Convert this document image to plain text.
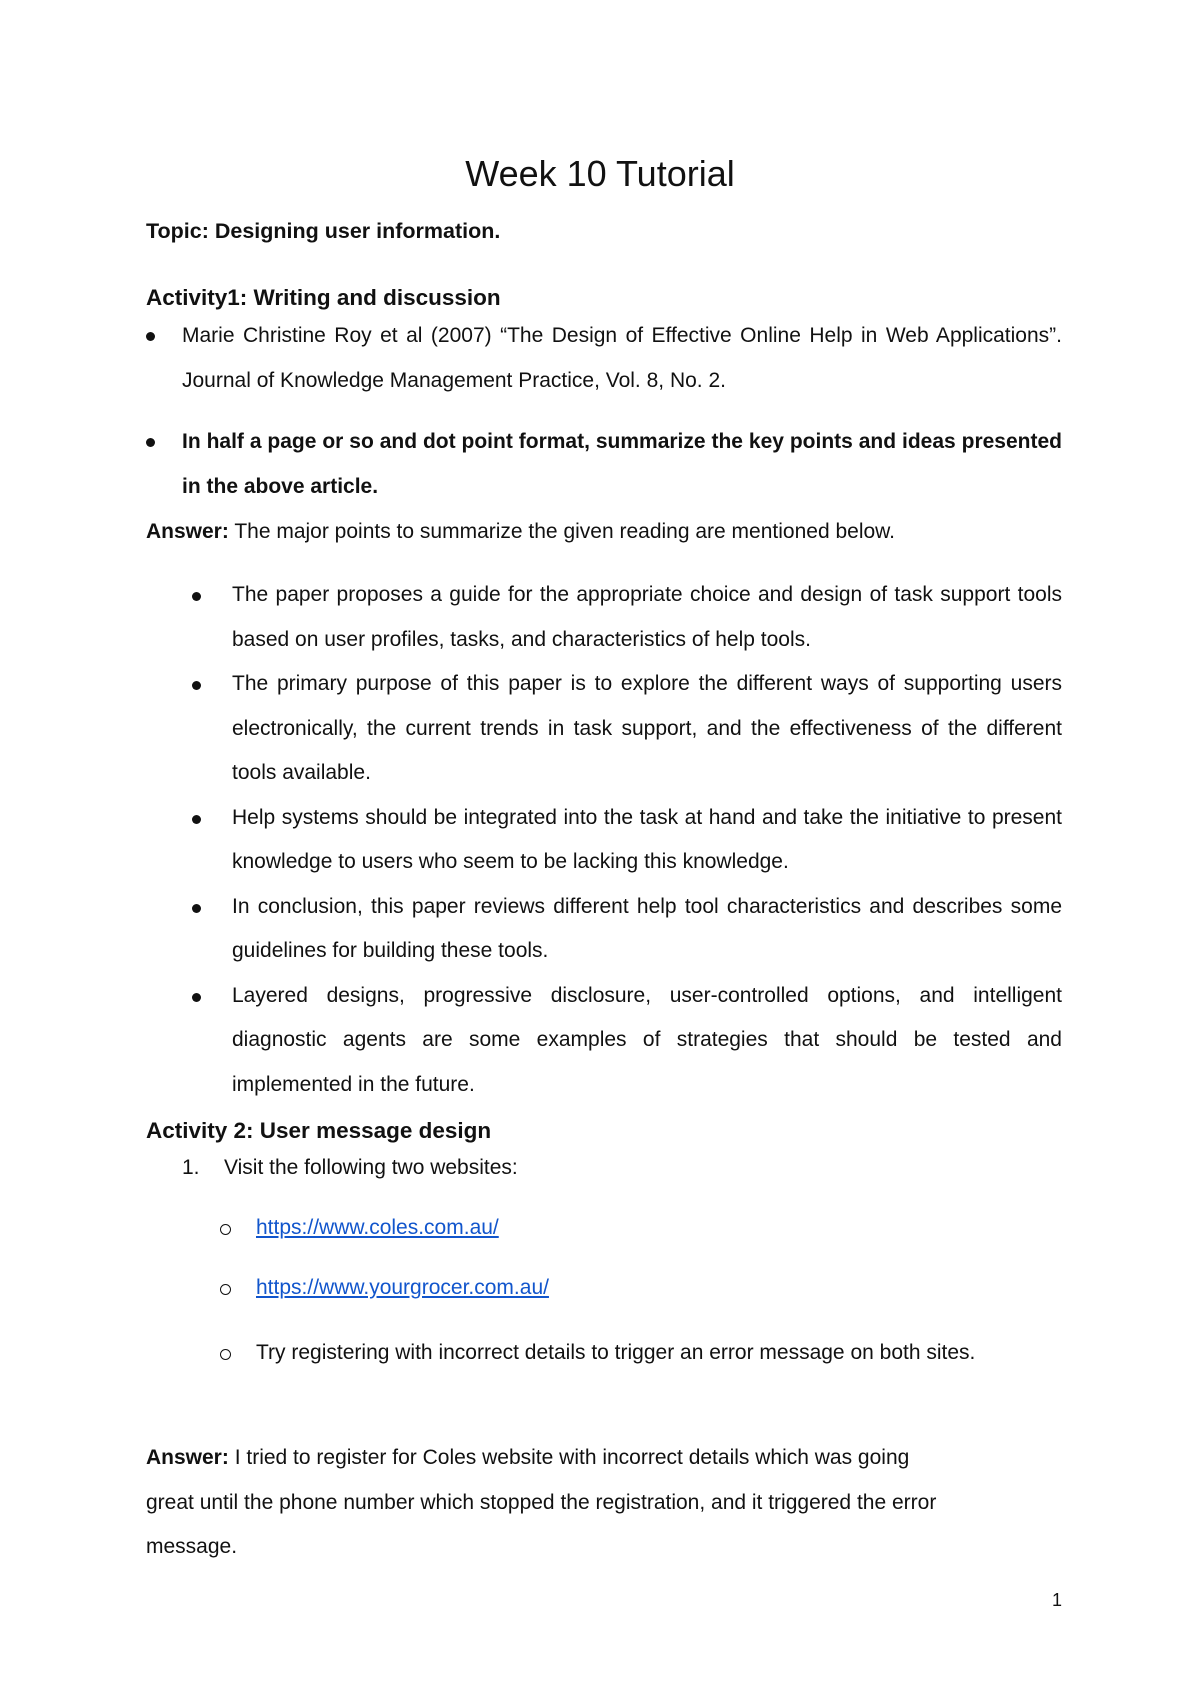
Week 10 Tutorial

Topic: Designing user information.

Activity1: Writing and discussion
Marie Christine Roy et al (2007) “The Design of Effective Online Help in Web Applications”. Journal of Knowledge Management Practice, Vol. 8, No. 2.
In half a page or so and dot point format, summarize the key points and ideas presented in the above article.

Answer: The major points to summarize the given reading are mentioned below.

The paper proposes a guide for the appropriate choice and design of task support tools based on user profiles, tasks, and characteristics of help tools.
The primary purpose of this paper is to explore the different ways of supporting users electronically, the current trends in task support, and the effectiveness of the different tools available.
Help systems should be integrated into the task at hand and take the initiative to present knowledge to users who seem to be lacking this knowledge.
In conclusion, this paper reviews different help tool characteristics and describes some guidelines for building these tools.
Layered designs, progressive disclosure, user-controlled options, and intelligent diagnostic agents are some examples of strategies that should be tested and implemented in the future.
Activity 2: User message design

1. Visit the following two websites:

https://www.coles.com.au/
https://www.yourgrocer.com.au/
Try registering with incorrect details to trigger an error message on both sites.
Answer: I tried to register for Coles website with incorrect details which was going
great until the phone number which stopped the registration, and it triggered the error
message.
1
